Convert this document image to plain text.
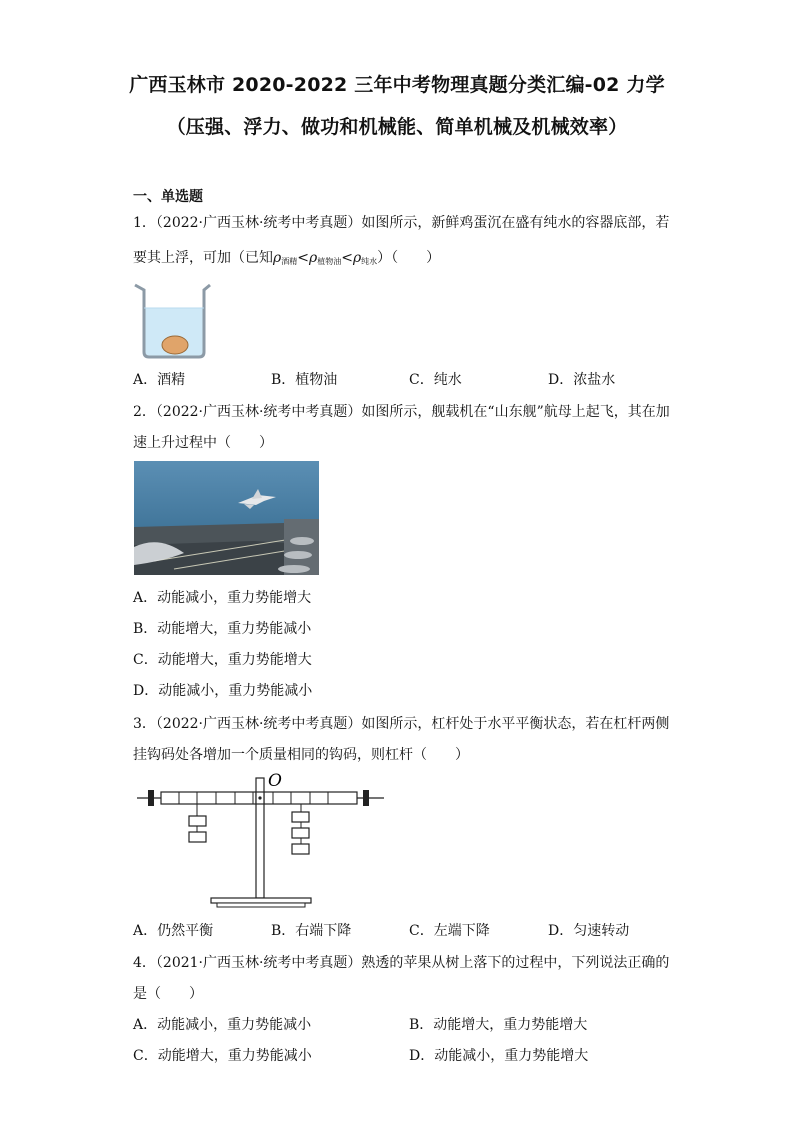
广西玉林市 2020-2022 三年中考物理真题分类汇编-02 力学
（压强、浮力、做功和机械能、简单机械及机械效率）
一、单选题
1．（2022·广西玉林·统考中考真题）如图所示，新鲜鸡蛋沉在盛有纯水的容器底部，若
要其上浮，可加（已知$\rho_{酒精}<\rho_{植物油}<\rho_{纯水}$）（　　）
A．酒精	B．植物油	C．纯水	D．浓盐水
2．（2022·广西玉林·统考中考真题）如图所示，舰载机在“山东舰”航母上起飞，其在加
速上升过程中（　　）
A．动能减小，重力势能增大
B．动能增大，重力势能减小
C．动能增大，重力势能增大
D．动能减小，重力势能减小
3．（2022·广西玉林·统考中考真题）如图所示，杠杆处于水平平衡状态，若在杠杆两侧
挂钩码处各增加一个质量相同的钩码，则杠杆（　　）
O
A．仍然平衡	B．右端下降	C．左端下降	D．匀速转动
4．（2021·广西玉林·统考中考真题）熟透的苹果从树上落下的过程中，下列说法正确的
是（　　）
A．动能减小，重力势能减小	B．动能增大，重力势能增大
C．动能增大，重力势能减小	D．动能减小，重力势能增大
